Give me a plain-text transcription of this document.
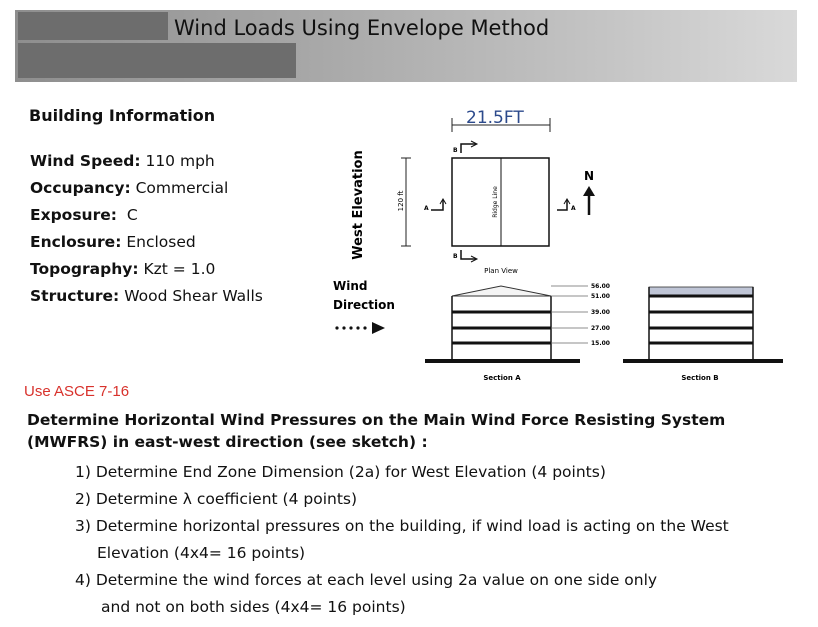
Wind Loads Using Envelope Method
Building Information
Wind Speed: 110 mph
Occupancy: Commercial
Exposure: C
Enclosure: Enclosed
Topography: Kzt = 1.0
Structure: Wood Shear Walls
21.5FT
West Elevation	120 ft	Ridge Line
Plan View
B
B
A	A
N
Wind
Direction
56.00
51.00
39.00
27.00
15.00
Section A	Section B
Use ASCE 7-16
Determine Horizontal Wind Pressures on the Main Wind Force Resisting System (MWFRS) in east-west direction (see sketch) :
1) Determine End Zone Dimension (2a) for West Elevation (4 points)
2) Determine λ coefficient (4 points)
3) Determine horizontal pressures on the building, if wind load is acting on the West
Elevation (4x4= 16 points)
4) Determine the wind forces at each level using 2a value on one side only
and not on both sides (4x4= 16 points)
